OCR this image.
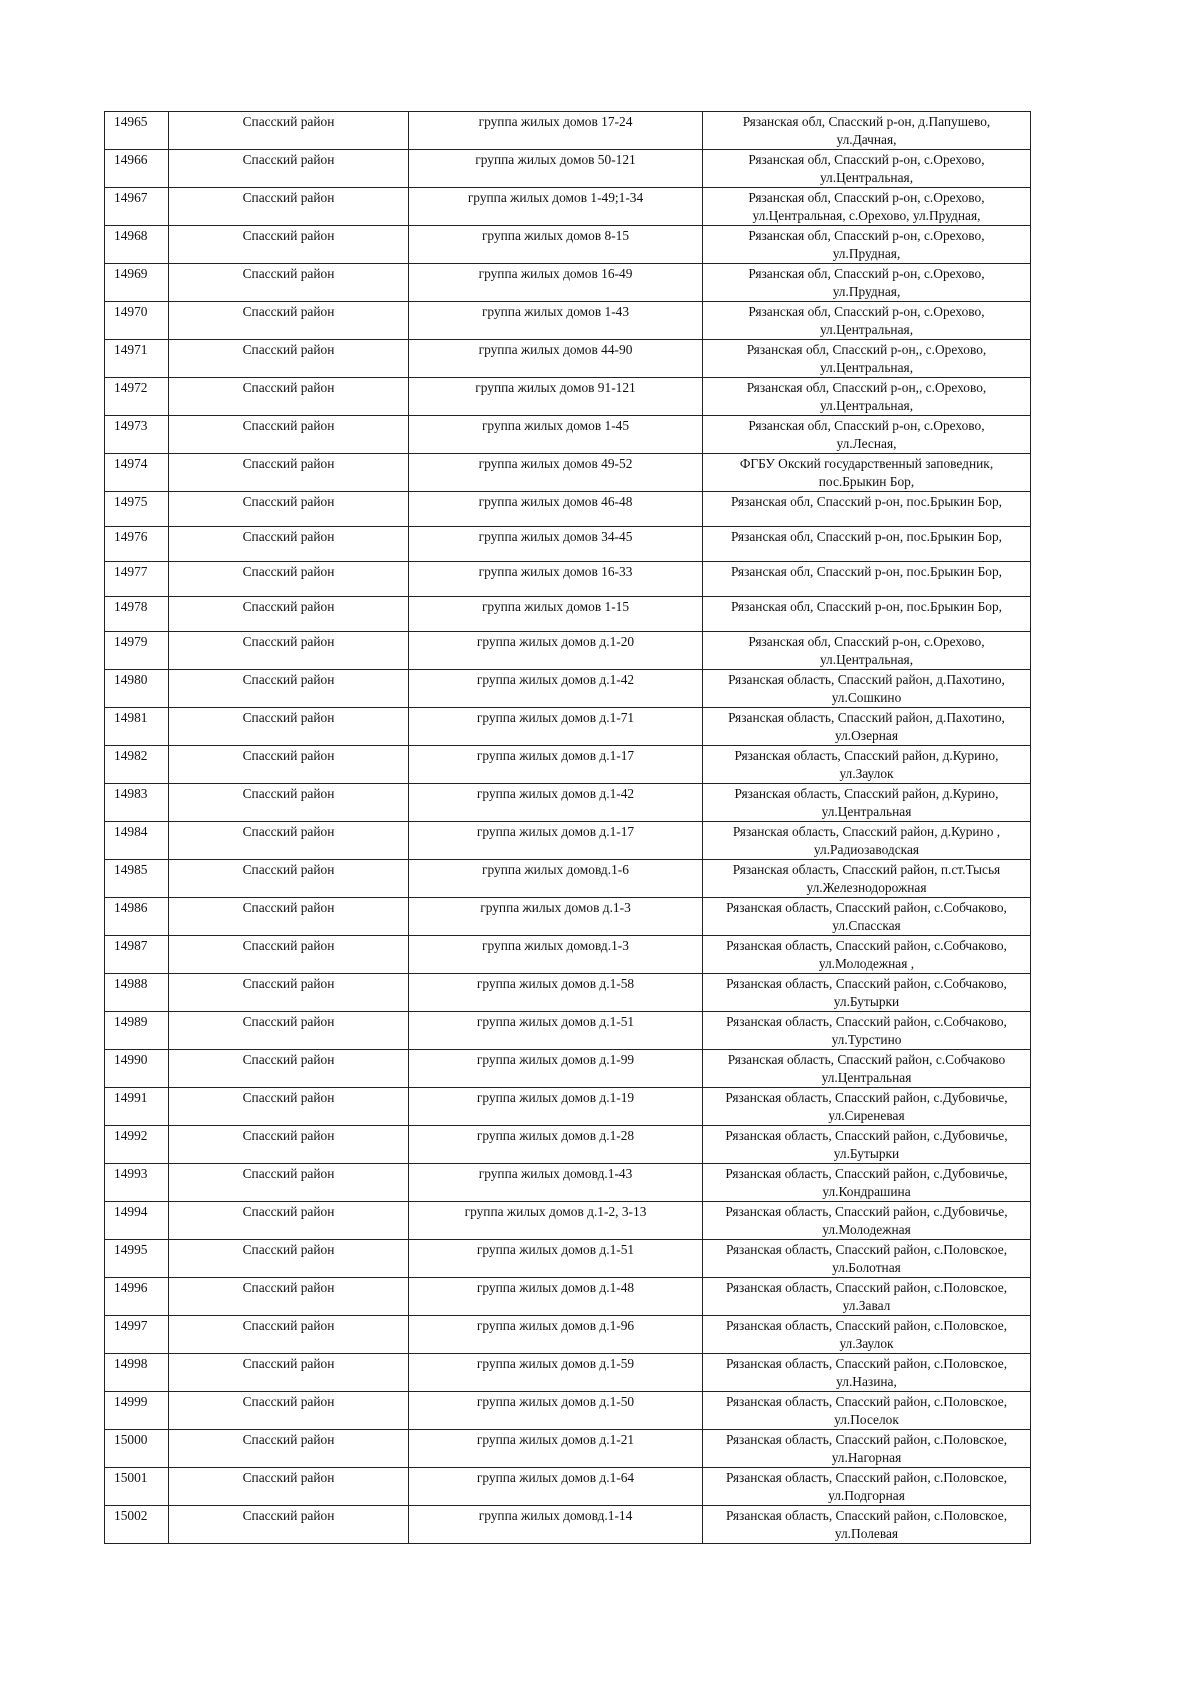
14965	Спасский район	группа жилых домов 17-24	Рязанская обл, Спасский р-он, д.Папушево,
ул.Дачная,

14966	Спасский район	группа жилых домов 50-121	Рязанская обл, Спасский р-он, с.Орехово,
ул.Центральная,

14967	Спасский район	группа жилых домов 1-49;1-34	Рязанская обл, Спасский р-он, с.Орехово,
ул.Центральная, с.Орехово, ул.Прудная,

14968	Спасский район	группа жилых домов 8-15	Рязанская обл, Спасский р-он, с.Орехово,
ул.Прудная,

14969	Спасский район	группа жилых домов 16-49	Рязанская обл, Спасский р-он, с.Орехово,
ул.Прудная,

14970	Спасский район	группа жилых домов 1-43	Рязанская обл, Спасский р-он, с.Орехово,
ул.Центральная,

14971	Спасский район	группа жилых домов 44-90	Рязанская обл, Спасский р-он,, с.Орехово,
ул.Центральная,

14972	Спасский район	группа жилых домов 91-121	Рязанская обл, Спасский р-он,, с.Орехово,
ул.Центральная,

14973	Спасский район	группа жилых домов 1-45	Рязанская обл, Спасский р-он, с.Орехово,
ул.Лесная,

14974	Спасский район	группа жилых домов 49-52	ФГБУ Окский государственный заповедник,
пос.Брыкин Бор,

14975	Спасский район	группа жилых домов 46-48	Рязанская обл, Спасский р-он, пос.Брыкин Бор,

14976	Спасский район	группа жилых домов 34-45	Рязанская обл, Спасский р-он, пос.Брыкин Бор,

14977	Спасский район	группа жилых домов 16-33	Рязанская обл, Спасский р-он, пос.Брыкин Бор,

14978	Спасский район	группа жилых домов 1-15	Рязанская обл, Спасский р-он, пос.Брыкин Бор,

14979	Спасский район	группа жилых домов д.1-20	Рязанская обл, Спасский р-он, с.Орехово,
ул.Центральная,

14980	Спасский район	группа жилых домов д.1-42	Рязанская область, Спасский район, д.Пахотино,
ул.Сошкино

14981	Спасский район	группа жилых домов д.1-71	Рязанская область, Спасский район, д.Пахотино,
ул.Озерная

14982	Спасский район	группа жилых домов д.1-17	Рязанская область, Спасский район, д.Курино,
ул.Заулок

14983	Спасский район	группа жилых домов д.1-42	Рязанская область, Спасский район, д.Курино,
ул.Центральная

14984	Спасский район	группа жилых домов д.1-17	Рязанская область, Спасский район, д.Курино ,
ул.Радиозаводская

14985	Спасский район	группа жилых домовд.1-6	Рязанская область, Спасский район, п.ст.Тысья
ул.Железнодорожная

14986	Спасский район	группа жилых домов д.1-3	Рязанская область, Спасский район, с.Собчаково,
ул.Спасская

14987	Спасский район	группа жилых домовд.1-3	Рязанская область, Спасский район, с.Собчаково,
ул.Молодежная ,

14988	Спасский район	группа жилых домов д.1-58	Рязанская область, Спасский район, с.Собчаково,
ул.Бутырки

14989	Спасский район	группа жилых домов д.1-51	Рязанская область, Спасский район, с.Собчаково,
ул.Турстино

14990	Спасский район	группа жилых домов д.1-99	Рязанская область, Спасский район, с.Собчаково
ул.Центральная

14991	Спасский район	группа жилых домов д.1-19	Рязанская область, Спасский район, с.Дубовичье,
ул.Сиреневая

14992	Спасский район	группа жилых домов д.1-28	Рязанская область, Спасский район, с.Дубовичье,
ул.Бутырки

14993	Спасский район	группа жилых домовд.1-43	Рязанская область, Спасский район, с.Дубовичье,
ул.Кондрашина

14994	Спасский район	группа жилых домов д.1-2, 3-13	Рязанская область, Спасский район, с.Дубовичье,
ул.Молодежная

14995	Спасский район	группа жилых домов д.1-51	Рязанская область, Спасский район, с.Половское,
ул.Болотная

14996	Спасский район	группа жилых домов д.1-48	Рязанская область, Спасский район, с.Половское,
ул.Завал

14997	Спасский район	группа жилых домов д.1-96	Рязанская область, Спасский район, с.Половское,
ул.Заулок

14998	Спасский район	группа жилых домов д.1-59	Рязанская область, Спасский район, с.Половское,
ул.Назина,

14999	Спасский район	группа жилых домов д.1-50	Рязанская область, Спасский район, с.Половское,
ул.Поселок

15000	Спасский район	группа жилых домов д.1-21	Рязанская область, Спасский район, с.Половское,
ул.Нагорная

15001	Спасский район	группа жилых домов д.1-64	Рязанская область, Спасский район, с.Половское,
ул.Подгорная

15002	Спасский район	группа жилых домовд.1-14	Рязанская область, Спасский район, с.Половское,
ул.Полевая
